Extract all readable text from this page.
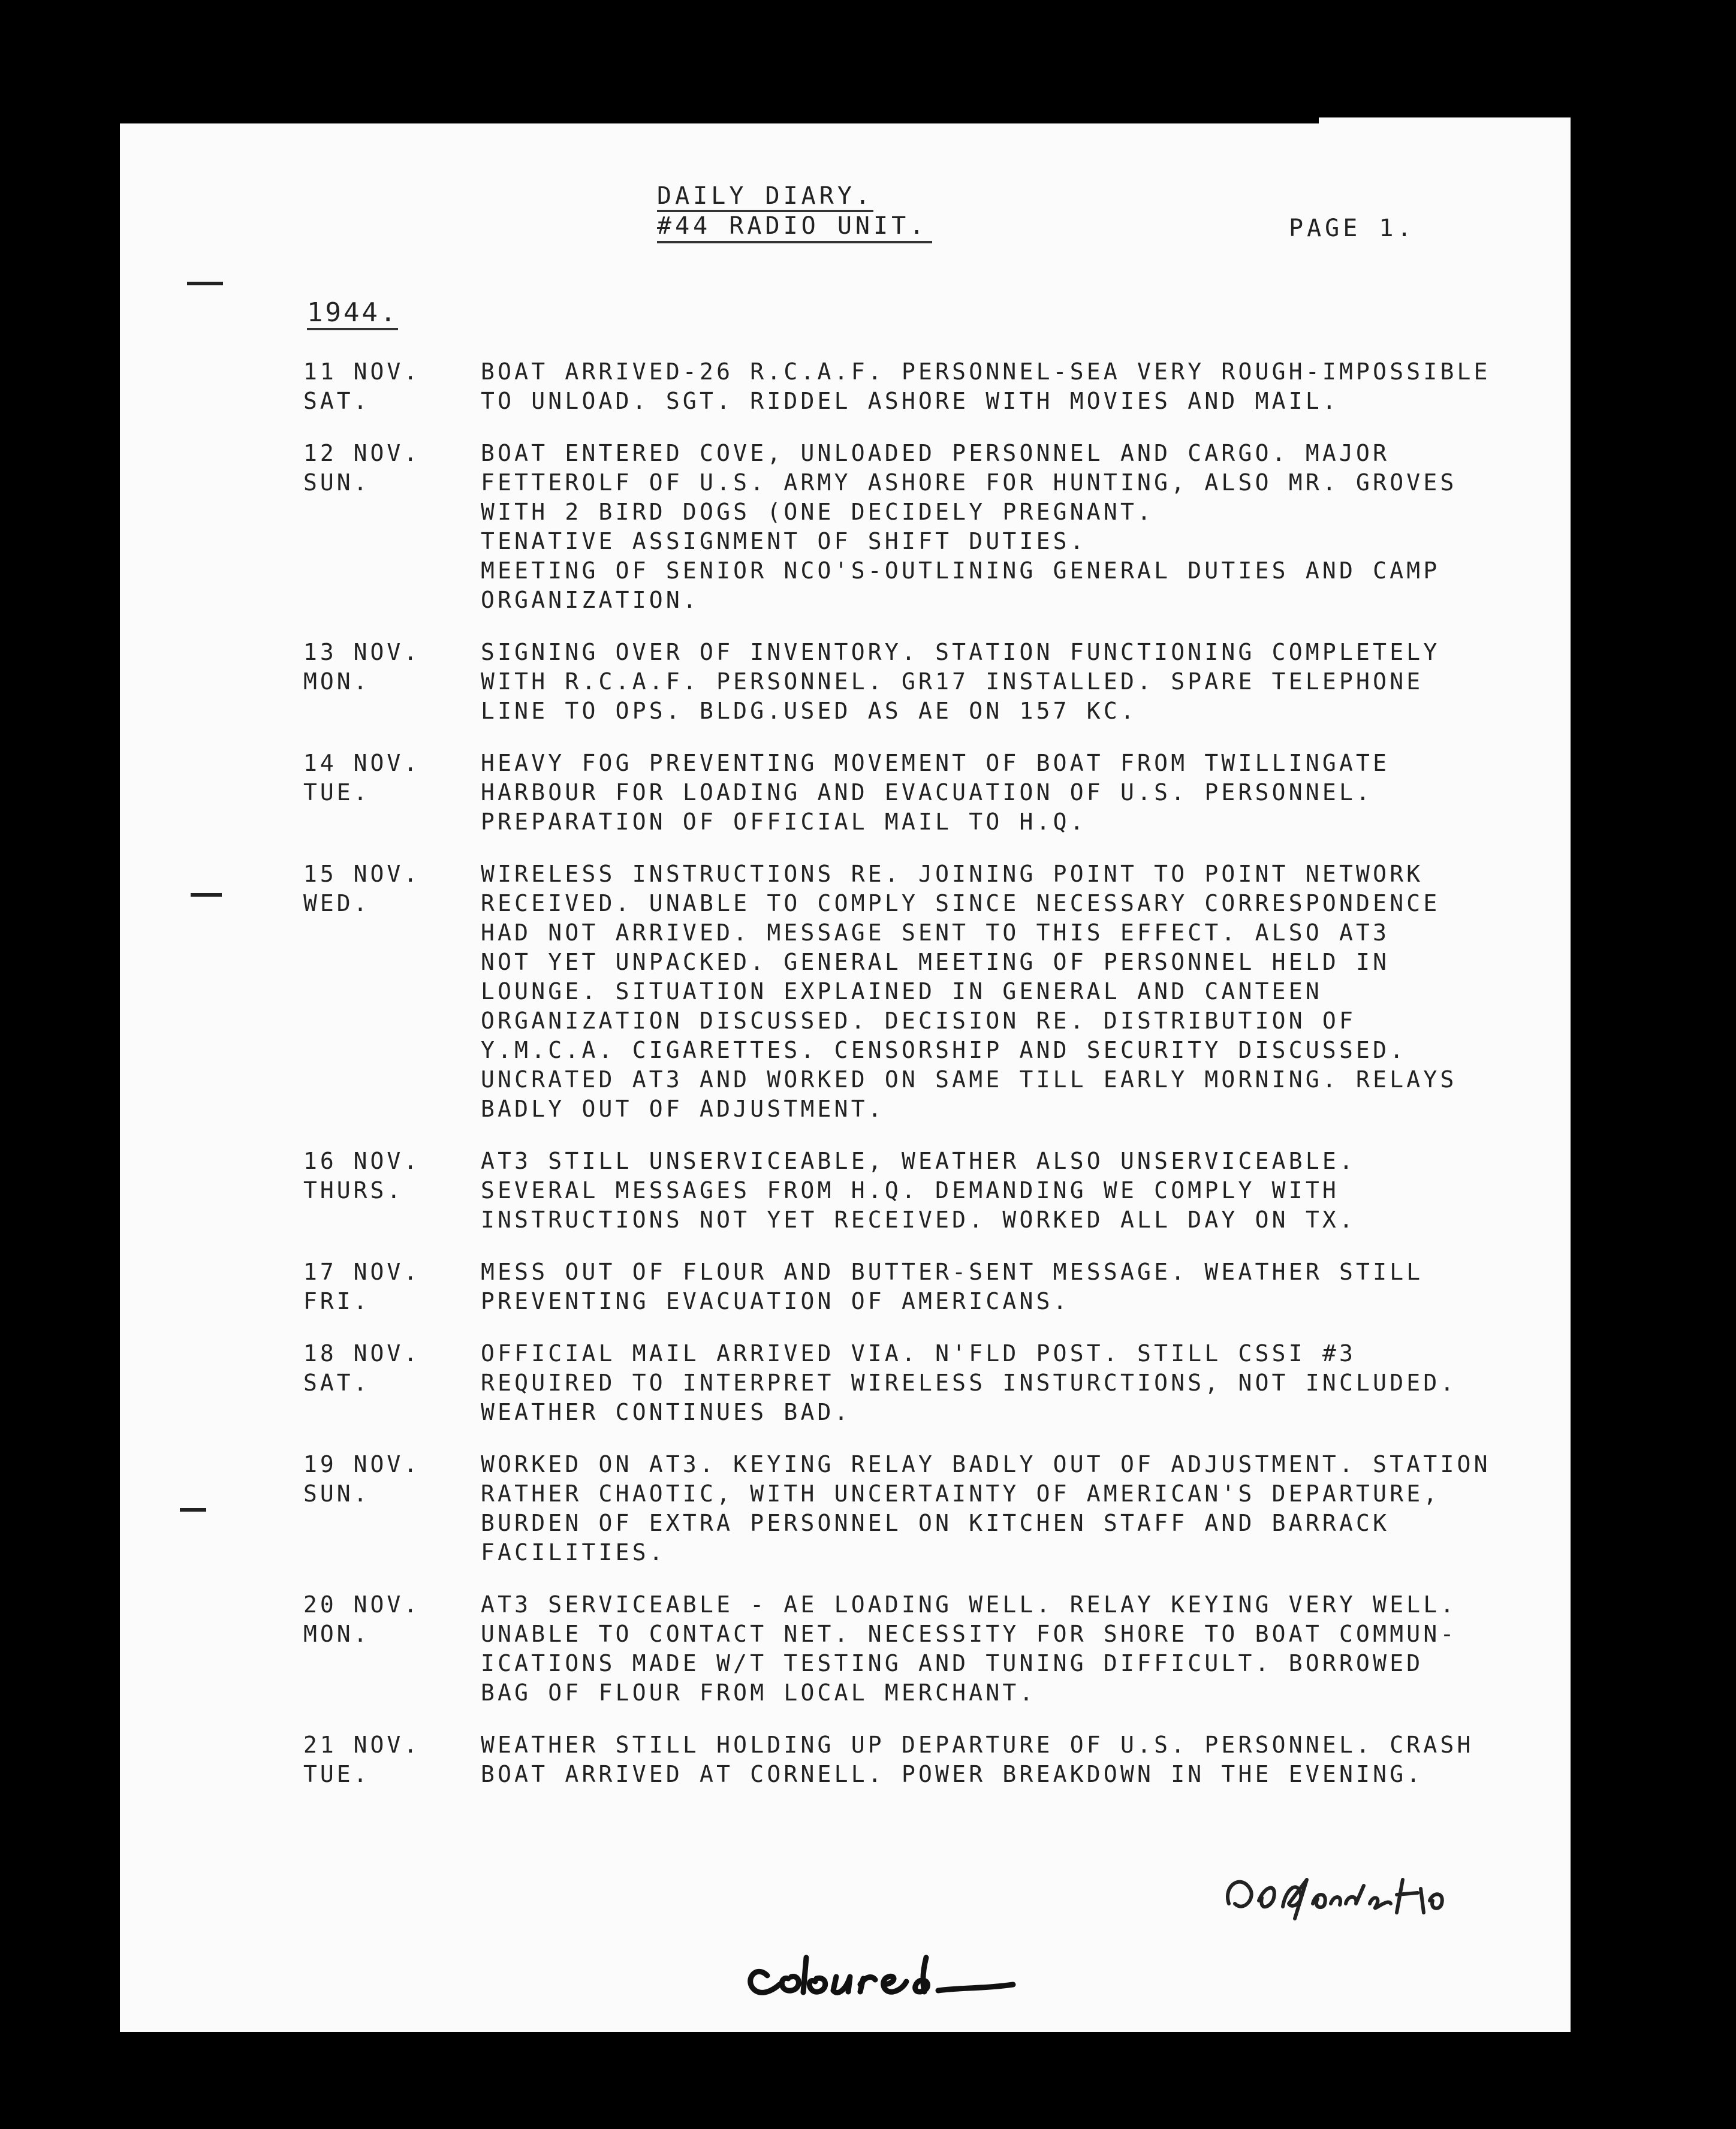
DAILY DIARY.
#44 RADIO UNIT.	PAGE 1.
1944.
11 NOV.
SAT.
BOAT ARRIVED-26 R.C.A.F. PERSONNEL-SEA VERY ROUGH-IMPOSSIBLE
TO UNLOAD. SGT. RIDDEL ASHORE WITH MOVIES AND MAIL.
12 NOV.
SUN.
BOAT ENTERED COVE, UNLOADED PERSONNEL AND CARGO. MAJOR
FETTEROLF OF U.S. ARMY ASHORE FOR HUNTING, ALSO MR. GROVES
WITH 2 BIRD DOGS (ONE DECIDELY PREGNANT.
TENATIVE ASSIGNMENT OF SHIFT DUTIES.
MEETING OF SENIOR NCO'S-OUTLINING GENERAL DUTIES AND CAMP
ORGANIZATION.
13 NOV.
MON.
SIGNING OVER OF INVENTORY. STATION FUNCTIONING COMPLETELY
WITH R.C.A.F. PERSONNEL. GR17 INSTALLED. SPARE TELEPHONE
LINE TO OPS. BLDG.USED AS AE ON 157 KC.
14 NOV.
TUE.
HEAVY FOG PREVENTING MOVEMENT OF BOAT FROM TWILLINGATE
HARBOUR FOR LOADING AND EVACUATION OF U.S. PERSONNEL.
PREPARATION OF OFFICIAL MAIL TO H.Q.
15 NOV.
WED.
WIRELESS INSTRUCTIONS RE. JOINING POINT TO POINT NETWORK
RECEIVED. UNABLE TO COMPLY SINCE NECESSARY CORRESPONDENCE
HAD NOT ARRIVED. MESSAGE SENT TO THIS EFFECT. ALSO AT3
NOT YET UNPACKED. GENERAL MEETING OF PERSONNEL HELD IN
LOUNGE. SITUATION EXPLAINED IN GENERAL AND CANTEEN
ORGANIZATION DISCUSSED. DECISION RE. DISTRIBUTION OF
Y.M.C.A. CIGARETTES. CENSORSHIP AND SECURITY DISCUSSED.
UNCRATED AT3 AND WORKED ON SAME TILL EARLY MORNING. RELAYS
BADLY OUT OF ADJUSTMENT.
16 NOV.
THURS.
AT3 STILL UNSERVICEABLE, WEATHER ALSO UNSERVICEABLE.
SEVERAL MESSAGES FROM H.Q. DEMANDING WE COMPLY WITH
INSTRUCTIONS NOT YET RECEIVED. WORKED ALL DAY ON TX.
17 NOV.
FRI.
MESS OUT OF FLOUR AND BUTTER-SENT MESSAGE. WEATHER STILL
PREVENTING EVACUATION OF AMERICANS.
18 NOV.
SAT.
OFFICIAL MAIL ARRIVED VIA. N'FLD POST. STILL CSSI #3
REQUIRED TO INTERPRET WIRELESS INSTURCTIONS, NOT INCLUDED.
WEATHER CONTINUES BAD.
19 NOV.
SUN.
WORKED ON AT3. KEYING RELAY BADLY OUT OF ADJUSTMENT. STATION
RATHER CHAOTIC, WITH UNCERTAINTY OF AMERICAN'S DEPARTURE,
BURDEN OF EXTRA PERSONNEL ON KITCHEN STAFF AND BARRACK
FACILITIES.
20 NOV.
MON.
AT3 SERVICEABLE - AE LOADING WELL. RELAY KEYING VERY WELL.
UNABLE TO CONTACT NET. NECESSITY FOR SHORE TO BOAT COMMUN-
ICATIONS MADE W/T TESTING AND TUNING DIFFICULT. BORROWED
BAG OF FLOUR FROM LOCAL MERCHANT.
21 NOV.
TUE.
WEATHER STILL HOLDING UP DEPARTURE OF U.S. PERSONNEL. CRASH
BOAT ARRIVED AT CORNELL. POWER BREAKDOWN IN THE EVENING.
